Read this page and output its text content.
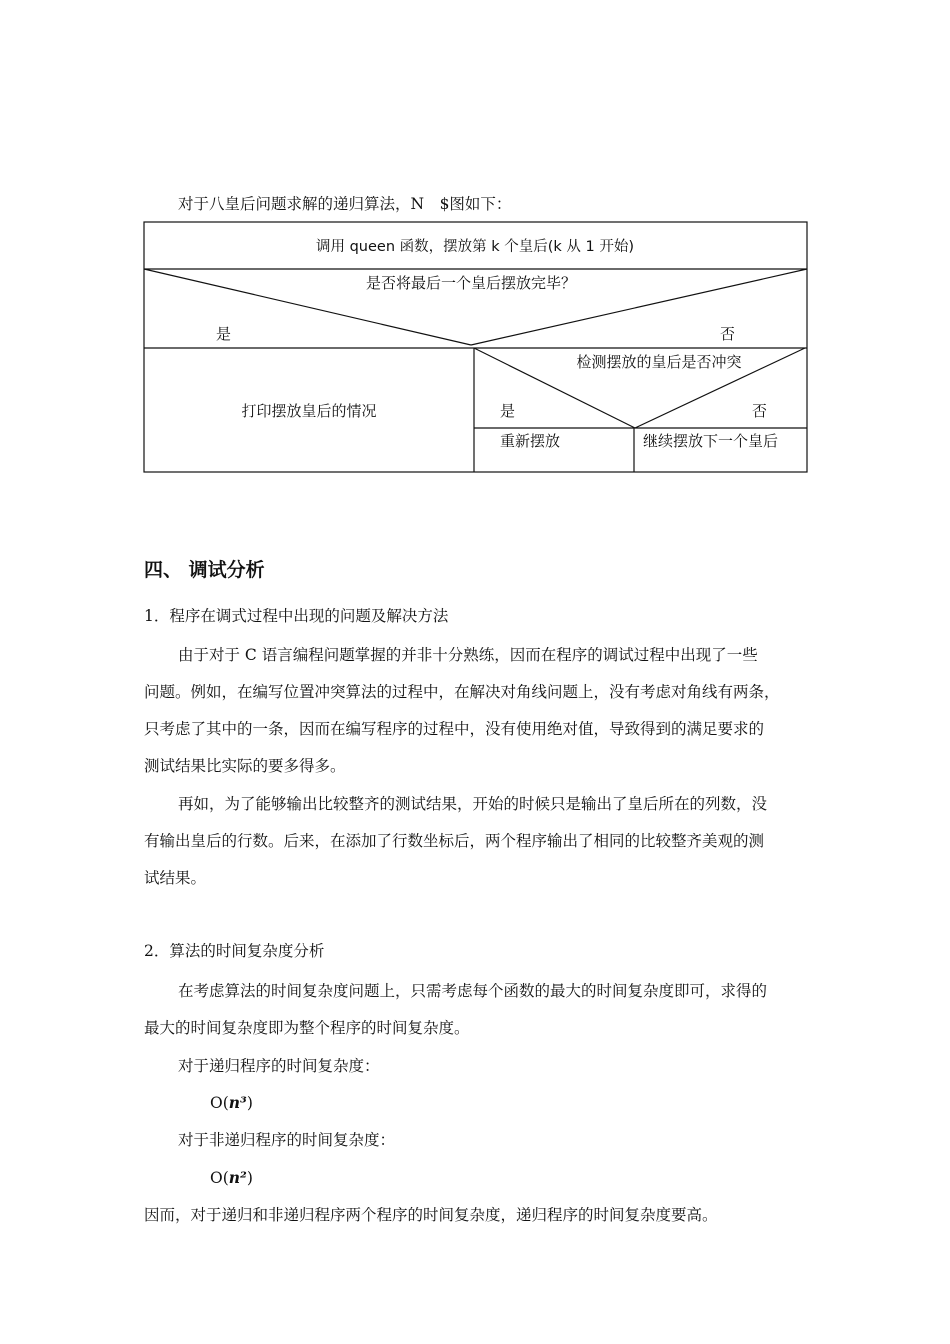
对于八皇后问题求解的递归算法，N　$图如下：
调用 queen 函数，摆放第 k 个皇后(k 从 1 开始)
是否将最后一个皇后摆放完毕？
是	否
打印摆放皇后的情况
检测摆放的皇后是否冲突
是	否
重新摆放	继续摆放下一个皇后
四、 调试分析
1．程序在调式过程中出现的问题及解决方法
由于对于 C 语言编程问题掌握的并非十分熟练，因而在程序的调试过程中出现了一些
问题。例如，在编写位置冲突算法的过程中，在解决对角线问题上，没有考虑对角线有两条，
只考虑了其中的一条，因而在编写程序的过程中，没有使用绝对值，导致得到的满足要求的
测试结果比实际的要多得多。
再如，为了能够输出比较整齐的测试结果，开始的时候只是输出了皇后所在的列数，没
有输出皇后的行数。后来，在添加了行数坐标后，两个程序输出了相同的比较整齐美观的测
试结果。
2．算法的时间复杂度分析
在考虑算法的时间复杂度问题上，只需考虑每个函数的最大的时间复杂度即可，求得的
最大的时间复杂度即为整个程序的时间复杂度。
对于递归程序的时间复杂度：
O(n³)
对于非递归程序的时间复杂度：
O(n²)
因而，对于递归和非递归程序两个程序的时间复杂度，递归程序的时间复杂度要高。
